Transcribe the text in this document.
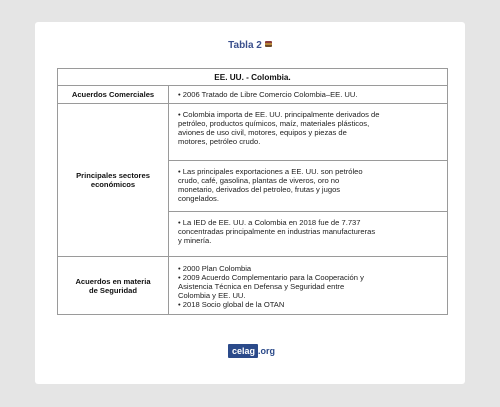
Tabla 2
EE. UU. - Colombia.	
Acuerdos Comerciales	• 2006 Tratado de Libre Comercio Colombia–EE. UU.

Principales sectores económicos	• Colombia importa de EE. UU. principalmente derivados de
petróleo, productos químicos, maíz, materiales plásticos,
aviones de uso civil, motores, equipos y piezas de
motores, petróleo crudo.

	• Las principales exportaciones a EE. UU. son petróleo
crudo, café, gasolina, plantas de viveros, oro no
monetario, derivados del petroleo, frutas y jugos
congelados.

	• La IED de EE. UU. a Colombia en 2018 fue de 7.737
concentradas principalmente en industrias manufactureras
y minería.

Acuerdos en materia de Seguridad	• 2000 Plan Colombia
• 2009 Acuerdo Complementario para la Cooperación y
Asistencia Técnica en Defensa y Seguridad entre
Colombia y EE. UU.
• 2018 Socio global de la OTAN
celag .org
